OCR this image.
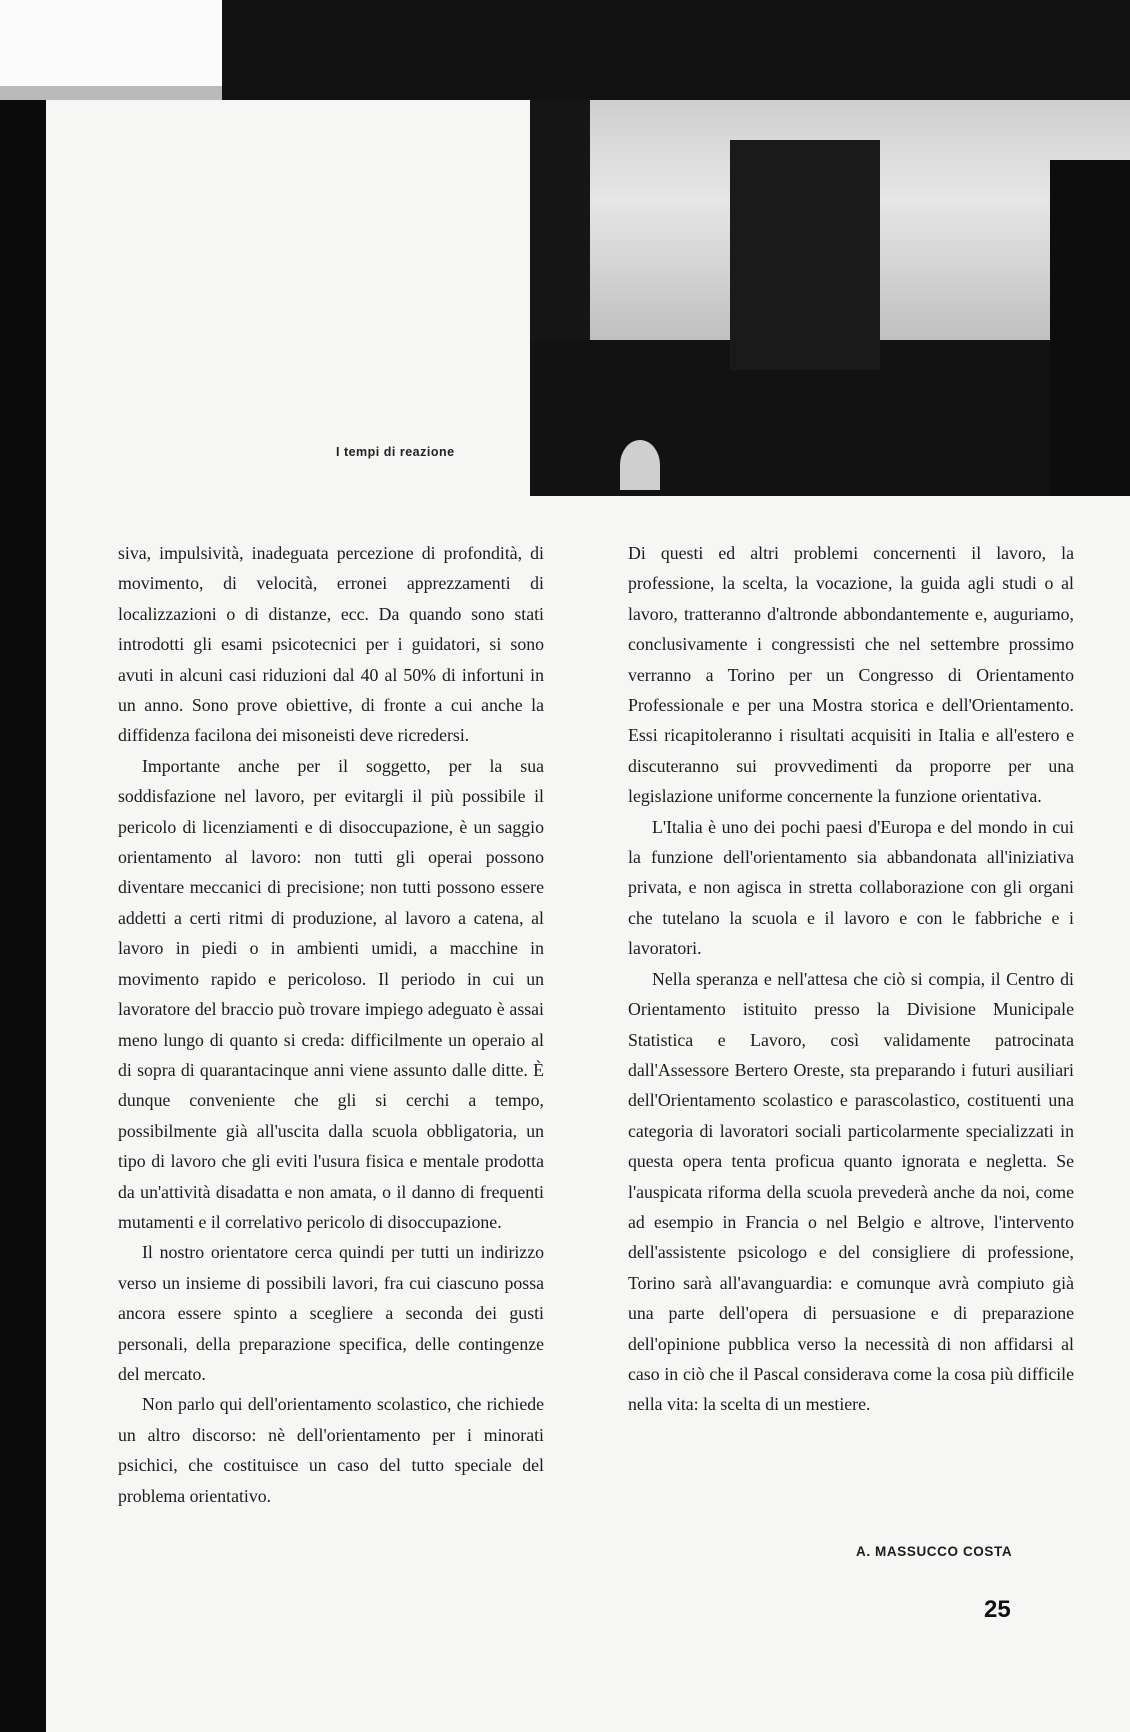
I tempi di reazione

siva, impulsività, inadeguata percezione di profondità, di movimento, di velocità, erronei apprezzamenti di localizzazioni o di distanze, ecc. Da quando sono stati introdotti gli esami psicotecnici per i guidatori, si sono avuti in alcuni casi riduzioni dal 40 al 50% di infortuni in un anno. Sono prove obiettive, di fronte a cui anche la diffidenza facilona dei misoneisti deve ricredersi.

Importante anche per il soggetto, per la sua soddisfazione nel lavoro, per evitargli il più possibile il pericolo di licenziamenti e di disoccupazione, è un saggio orientamento al lavoro: non tutti gli operai possono diventare meccanici di precisione; non tutti possono essere addetti a certi ritmi di produzione, al lavoro a catena, al lavoro in piedi o in ambienti umidi, a macchine in movimento rapido e pericoloso. Il periodo in cui un lavoratore del braccio può trovare impiego adeguato è assai meno lungo di quanto si creda: difficilmente un operaio al di sopra di quarantacinque anni viene assunto dalle ditte. È dunque conveniente che gli si cerchi a tempo, possibilmente già all'uscita dalla scuola obbligatoria, un tipo di lavoro che gli eviti l'usura fisica e mentale prodotta da un'attività disadatta e non amata, o il danno di frequenti mutamenti e il correlativo pericolo di disoccupazione.

Il nostro orientatore cerca quindi per tutti un indirizzo verso un insieme di possibili lavori, fra cui ciascuno possa ancora essere spinto a scegliere a seconda dei gusti personali, della preparazione specifica, delle contingenze del mercato.

Non parlo qui dell'orientamento scolastico, che richiede un altro discorso: nè dell'orientamento per i minorati psichici, che costituisce un caso del tutto speciale del problema orientativo.

Di questi ed altri problemi concernenti il lavoro, la professione, la scelta, la vocazione, la guida agli studi o al lavoro, tratteranno d'altronde abbondantemente e, auguriamo, conclusivamente i congressisti che nel settembre prossimo verranno a Torino per un Congresso di Orientamento Professionale e per una Mostra storica e dell'Orientamento. Essi ricapitoleranno i risultati acquisiti in Italia e all'estero e discuteranno sui provvedimenti da proporre per una legislazione uniforme concernente la funzione orientativa.

L'Italia è uno dei pochi paesi d'Europa e del mondo in cui la funzione dell'orientamento sia abbandonata all'iniziativa privata, e non agisca in stretta collaborazione con gli organi che tutelano la scuola e il lavoro e con le fabbriche e i lavoratori.

Nella speranza e nell'attesa che ciò si compia, il Centro di Orientamento istituito presso la Divisione Municipale Statistica e Lavoro, così validamente patrocinata dall'Assessore Bertero Oreste, sta preparando i futuri ausiliari dell'Orientamento scolastico e parascolastico, costituenti una categoria di lavoratori sociali particolarmente specializzati in questa opera tenta proficua quanto ignorata e negletta. Se l'auspicata riforma della scuola prevederà anche da noi, come ad esempio in Francia o nel Belgio e altrove, l'intervento dell'assistente psicologo e del consigliere di professione, Torino sarà all'avanguardia: e comunque avrà compiuto già una parte dell'opera di persuasione e di preparazione dell'opinione pubblica verso la necessità di non affidarsi al caso in ciò che il Pascal considerava come la cosa più difficile nella vita: la scelta di un mestiere.

A. MASSUCCO COSTA
25
